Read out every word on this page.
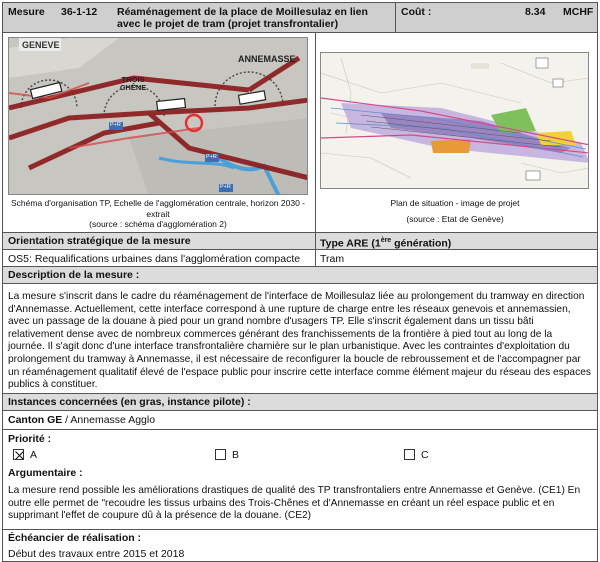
Mesure 36-1-12 Réaménagement de la place de Moillesulaz en lien avec le projet de tram (projet transfrontalier)
Coût :	8.34 MCHF
GENEVE
ANNEMASSE
TROIS
CHÊNE
P+R
P+R
P+R
Schéma d'organisation TP, Echelle de l'agglomération centrale, horizon 2030 -
extrait
(source : schéma d'agglomération 2)
Plan de situation - image de projet
(source : Etat de Genève)
Orientation stratégique de la mesure	Type ARE (1ère génération)
OS5: Requalifications urbaines dans l'agglomération compacte Tram
Description de la mesure :
La mesure s'inscrit dans le cadre du réaménagement de l'interface de Moillesulaz liée au prolongement du tramway en direction d'Annemasse. Actuellement, cette interface correspond à une rupture de charge entre les réseaux genevois et annemassien, avec un passage de la douane à pied pour un grand nombre d'usagers TP. Elle s'inscrit également dans un tissu bâti relativement dense avec de nombreux commerces générant des franchissements de la frontière à pied tout au long de la journée. Il s'agit donc d'une interface transfrontalière charnière sur le plan urbanistique. Avec les contraintes d'exploitation du prolongement du tramway à Annemasse, il est nécessaire de reconfigurer la boucle de rebroussement et de l'accompagner par un réaménagement qualitatif élevé de l'espace public pour inscrire cette interface comme élément majeur du réseau des espaces publics à constituer.
Instances concernées (en gras, instance pilote) :
Canton GE / Annemasse Agglo
Priorité :
A	B	C
Argumentaire :
La mesure rend possible les améliorations drastiques de qualité des TP transfrontaliers entre Annemasse et Genève. (CE1) En outre elle permet de "recoudre les tissus urbains des Trois-Chênes et d'Annemasse en créant un réel espace public et en supprimant l'effet de coupure dû à la présence de la douane. (CE2)
Échéancier de réalisation :
Début des travaux entre 2015 et 2018
